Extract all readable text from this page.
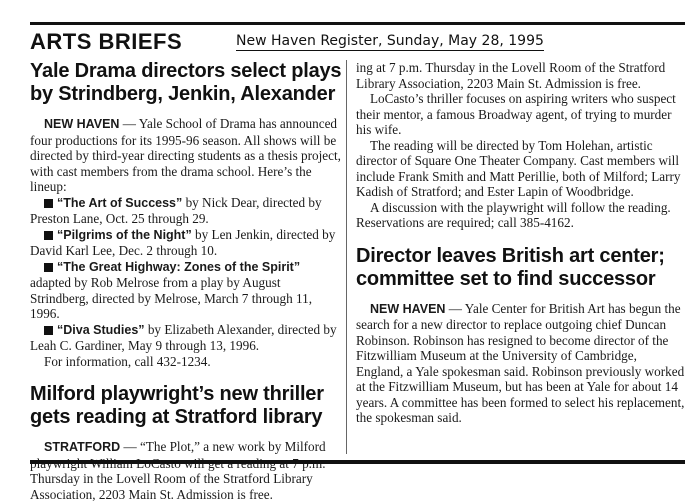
ARTS BRIEFS	New Haven Register, Sunday, May 28, 1995
Yale Drama directors select plays
by Strindberg, Jenkin, Alexander

NEW HAVEN — Yale School of Drama has announced four productions for its 1995-96 season. All shows will be directed by third-year directing students as a thesis project, with cast members from the drama school. Here’s the lineup:

“The Art of Success” by Nick Dear, directed by Preston Lane, Oct. 25 through 29.

“Pilgrims of the Night” by Len Jenkin, directed by David Karl Lee, Dec. 2 through 10.

“The Great Highway: Zones of the Spirit” adapted by Rob Melrose from a play by August Strindberg, directed by Melrose, March 7 through 11, 1996.

“Diva Studies” by Elizabeth Alexander, directed by Leah C. Gardiner, May 9 through 13, 1996.

For information, call 432-1234.

Milford playwright’s new thriller
gets reading at Stratford library

STRATFORD — “The Plot,” a new work by Milford Thursday in the Lovell Room of the Stratford Library Association, 2203 Main St. Admission is free.

ing at 7 p.m. Thursday in the Lovell Room of the Stratford Library Association, 2203 Main St. Admission is free.

LoCasto’s thriller focuses on aspiring writers who suspect their mentor, a famous Broadway agent, of trying to murder his wife.

The reading will be directed by Tom Holehan, artistic director of Square One Theater Company. Cast members will include Frank Smith and Matt Perillie, both of Milford; Larry Kadish of Stratford; and Ester Lapin of Woodbridge.

A discussion with the playwright will follow the reading. Reservations are required; call 385-4162.

Director leaves British art center;
committee set to find successor

NEW HAVEN — Yale Center for British Art has begun the search for a new director to replace outgoing chief Duncan Robinson. Robinson has resigned to become director of the Fitzwilliam Museum at the University of Cambridge, England, a Yale spokesman said. Robinson previously worked at the Fitzwilliam Museum, but has been at Yale for about 14 years. A committee has been formed to select his replacement, the spokesman said.
